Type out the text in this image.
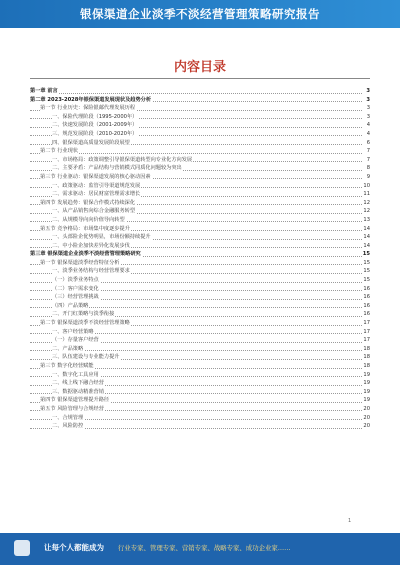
银保渠道企业淡季不淡经营管理策略研究报告
内容目录
第一章 前言	3
第二章 2023-2028年银保渠道发展现状及趋势分析	3
第一节 行业历史：保险银邮代理发展历程	3
一、保险代理阶段（1995-2000年）	3
二、快速发展阶段（2001-2009年）	4
三、规范发展阶段（2010-2020年）	4
四、银保渠道高质量发展阶段展望	6
第二节 行业现状	7
一、市场格局：政策调整引导银保渠道转型向专业化方向发展	7
二、主要矛盾：产品结构与营销模式同质化问题较为突出	8
第三节 行业驱动：银保渠道发展的核心驱动因素	9
一、政策驱动：监管引导渠道规范发展	10
二、需求驱动：居民财富管理需求增长	11
第四节 发展趋势：银保合作模式持续深化	12
一、从产品销售向综合金融服务转型	12
二、从规模导向向价值导向转型	13
第五节 竞争格局：市场集中度逐步提升	14
一、头部险企优势明显，市场份额持续提升	14
二、中小险企加快差异化发展步伐	14
第三章 银保渠道企业淡季不淡经营管理策略研究	15
第一节 银保渠道淡季经营特征分析	15
一、淡季业务结构与经营管理要求	15
（一）淡季业务特点	15
（二）客户需求变化	16
（三）经营管理挑战	16
（四）产品策略	16
二、开门红策略与淡季衔接	16
第二节 银保渠道淡季不淡经营管理策略	17
一、客户经营策略	17
（一）存量客户经营	17
二、产品策略	18
三、队伍建设与专业能力提升	18
第三节 数字化经营赋能	18
一、数字化工具应用	19
二、线上线下融合经营	19
三、数据驱动精准营销	19
第四节 银保渠道管理提升路径	19
第五节 风险管理与合规经营	20
一、合规管理	20
二、风险防控	20
1
让每个人都能成为 行业专家、管理专家、营销专家、战略专家、成功企业家……
